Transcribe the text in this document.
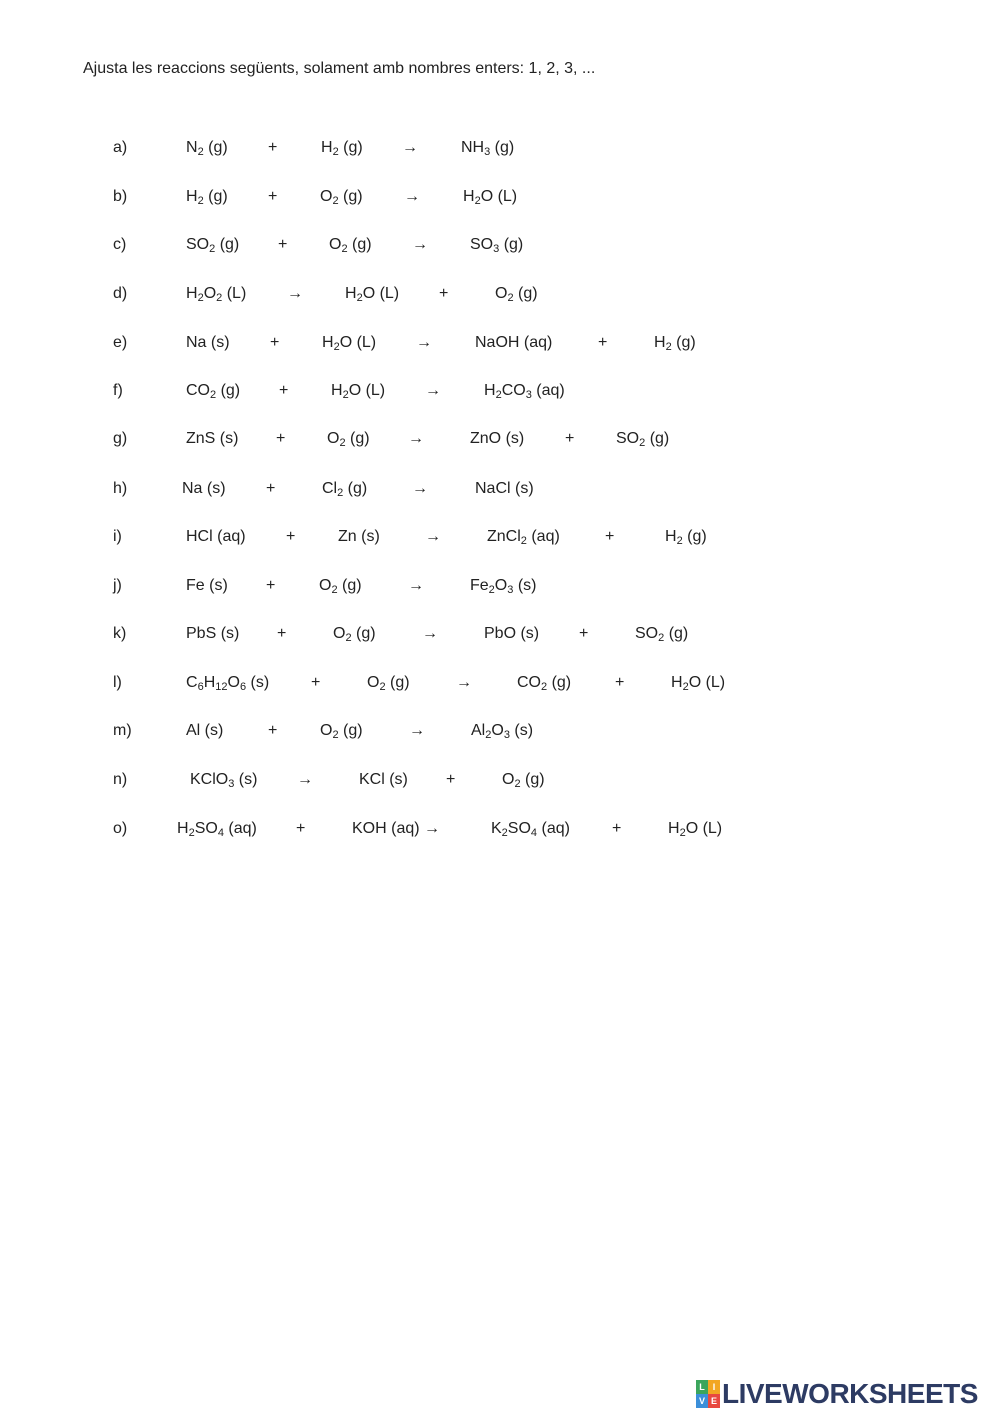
Ajusta les reaccions següents, solament amb nombres enters: 1, 2, 3, ...
a)	$N_2$ (g)	+	$H_2$ (g) →	$NH_3$ (g)
b)	$H_2$ (g)	+	$O_2$ (g)	→	$H_2O$ (L)
c)	$SO_2$ (g) +	$O_2$ (g)	→	$SO_3$ (g)
d)	$H_2O_2$ (L)	→	$H_2O$ (L) +	$O_2$ (g)
e)	Na (s)	+	$H_2O$ (L) →	NaOH (aq)	+	$H_2$ (g)
f)	$CO_2$ (g) +	$H_2O$ (L) →	$H_2CO_3$ (aq)
g)	ZnS (s) +	$O_2$ (g) →	ZnO (s)	+	$SO_2$ (g)
h)	Na (s)	+	$Cl_2$ (g)	→	NaCl (s)
i)	HCl (aq)	+	Zn (s)	→	ZnCl$_2$ (aq)	+	$H_2$ (g)
j)	Fe (s) +	$O_2$ (g)	→	$Fe_2O_3$ (s)
k)	PbS (s) +	$O_2$ (g)	→	PbO (s) +	$SO_2$ (g)
l)	$C_6H_{12}O_6$ (s)	+	$O_2$ (g)	→	$CO_2$ (g)	+	$H_2O$ (L)
m)	Al (s)	+	$O_2$ (g)	→	$Al_2O_3$ (s)
n)	KClO$_3$ (s) →	KCl (s) +	$O_2$ (g)
o)	$H_2SO_4$ (aq) +	KOH (aq) →	$K_2SO_4$ (aq)	+	$H_2O$ (L)
L I
V E LIVEWORKSHEETS
